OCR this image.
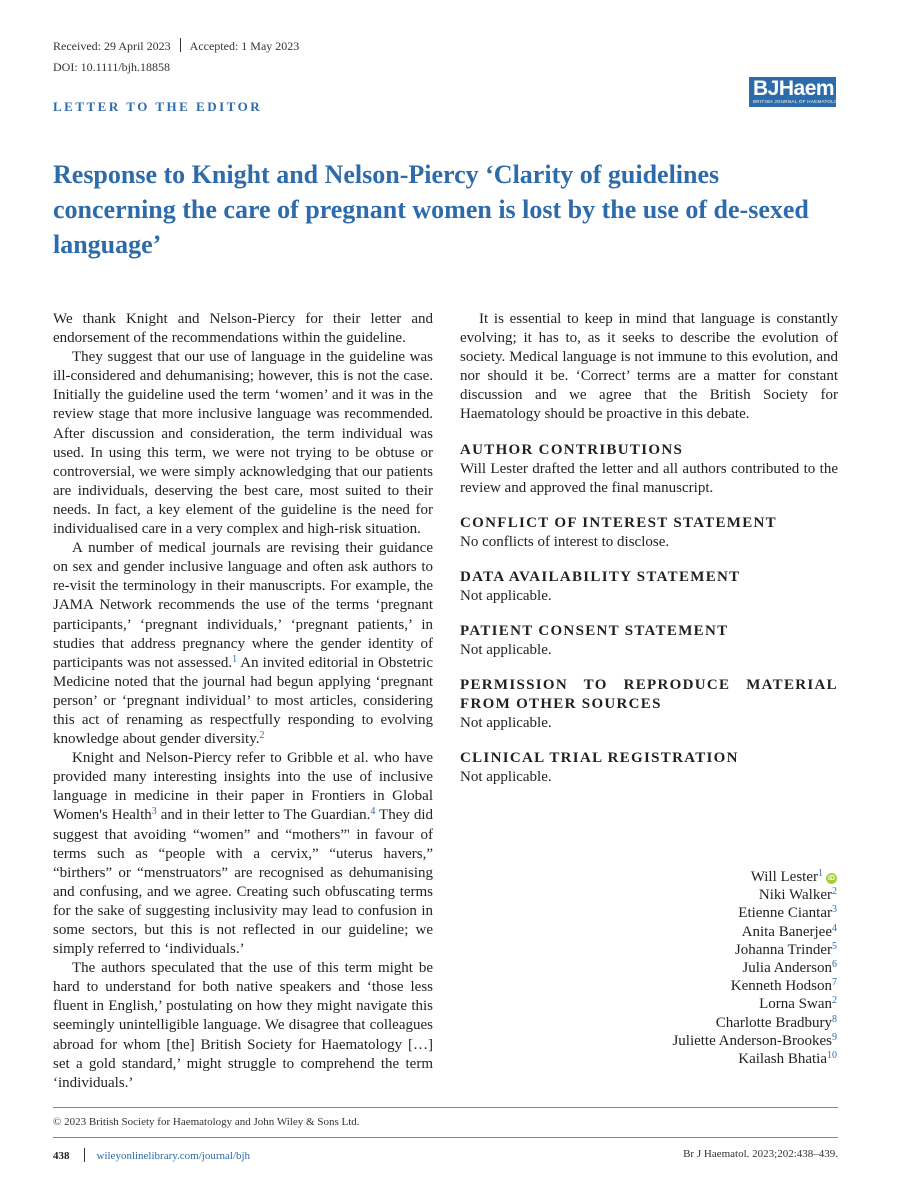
Received: 29 April 2023 Accepted: 1 May 2023
DOI: 10.1111/bjh.18858
LETTER TO THE EDITOR
BJHaem
BRITISH JOURNAL OF HAEMATOLOGY
Response to Knight and Nelson-Piercy ‘Clarity of guidelines concerning the care of pregnant women is lost by the use of de-sexed language’

We thank Knight and Nelson-Piercy for their letter and endorsement of the recommendations within the guideline.

They suggest that our use of language in the guideline was ill-considered and dehumanising; however, this is not the case. Initially the guideline used the term ‘women’ and it was in the review stage that more inclusive language was recommended. After discussion and consideration, the term individual was used. In using this term, we were not trying to be obtuse or controversial, we were simply acknowledging that our patients are individuals, deserving the best care, most suited to their needs. In fact, a key element of the guideline is the need for individualised care in a very complex and high-risk situation.

A number of medical journals are revising their guidance on sex and gender inclusive language and often ask authors to re-visit the terminology in their manuscripts. For example, the JAMA Network recommends the use of the terms ‘pregnant participants,’ ‘pregnant individuals,’ ‘pregnant patients,’ in studies that address pregnancy where the gender identity of participants was not assessed.$^1$ An invited editorial in Obstetric Medicine noted that the journal had begun applying ‘pregnant person’ or ‘pregnant individual’ to most articles, considering this act of renaming as respectfully responding to evolving knowledge about gender diversity.$^2$

Knight and Nelson-Piercy refer to Gribble et al. who have provided many interesting insights into the use of inclusive language in medicine in their paper in Frontiers in Global Women's Health$^3$ and in their letter to The Guardian.$^4$ They did suggest that avoiding “women” and “mothers”' in favour of terms such as “people with a cervix,” “uterus havers,” “birthers” or “menstruators” are recognised as dehumanising and confusing, and we agree. Creating such obfuscating terms for the sake of suggesting inclusivity may lead to confusion in some sectors, but this is not reflected in our guideline; we simply referred to ‘individuals.’

The authors speculated that the use of this term might be hard to understand for both native speakers and ‘those less fluent in English,’ postulating on how they might navigate this seemingly unintelligible language. We disagree that colleagues abroad for whom [the] British Society for Haematology […] set a gold standard,’ might struggle to comprehend the term ‘individuals.’

It is essential to keep in mind that language is constantly evolving; it has to, as it seeks to describe the evolution of society. Medical language is not immune to this evolution, and nor should it be. ‘Correct’ terms are a matter for constant discussion and we agree that the British Society for Haematology should be proactive in this debate.

AUTHOR CONTRIBUTIONS

Will Lester drafted the letter and all authors contributed to the review and approved the final manuscript.

CONFLICT OF INTEREST STATEMENT

No conflicts of interest to disclose.

DATA AVAILABILITY STATEMENT

Not applicable.

PATIENT CONSENT STATEMENT

Not applicable.

PERMISSION TO REPRODUCE MATERIAL FROM OTHER SOURCES

Not applicable.

CLINICAL TRIAL REGISTRATION

Not applicable.

Will Lester$^1$ iD
Niki Walker$^2$
Etienne Ciantar$^3$
Anita Banerjee$^4$
Johanna Trinder$^5$
Julia Anderson$^6$
Kenneth Hodson$^7$
Lorna Swan$^2$
Charlotte Bradbury$^8$
Juliette Anderson-Brookes$^9$
Kailash Bhatia$^{10}$
© 2023 British Society for Haematology and John Wiley & Sons Ltd.
438 wileyonlinelibrary.com/journal/bjh	Br J Haematol. 2023;202:438–439.
